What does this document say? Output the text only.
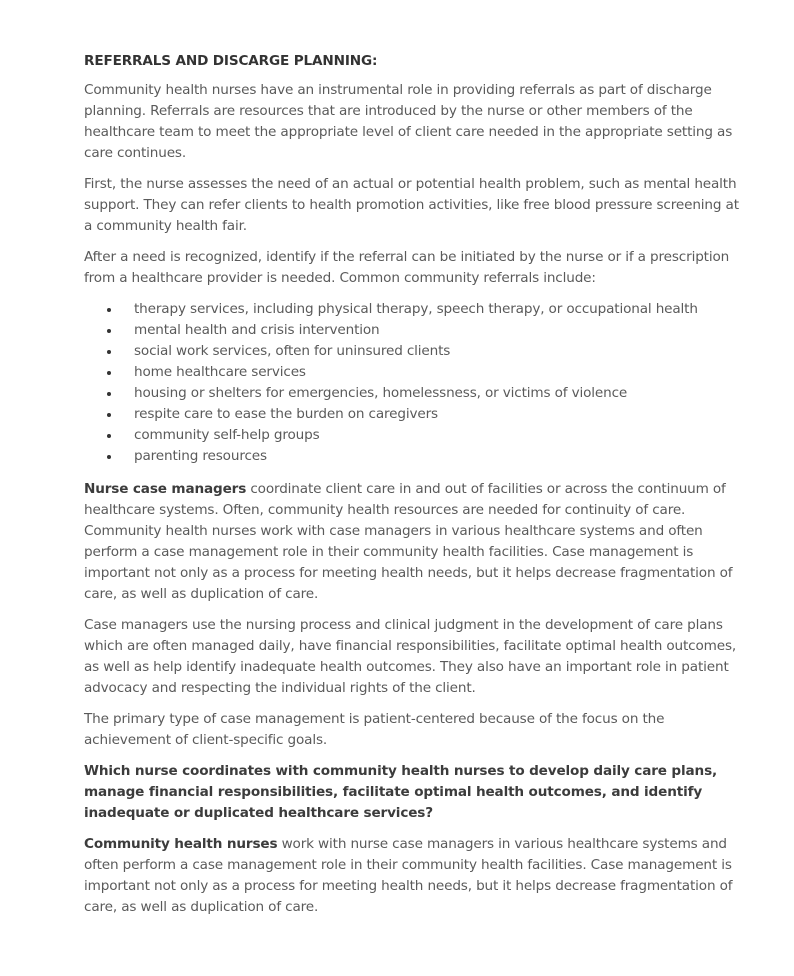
REFERRALS AND DISCARGE PLANNING:

Community health nurses have an instrumental role in providing referrals as part of discharge planning. Referrals are resources that are introduced by the nurse or other members of the healthcare team to meet the appropriate level of client care needed in the appropriate setting as care continues.

First, the nurse assesses the need of an actual or potential health problem, such as mental health support. They can refer clients to health promotion activities, like free blood pressure screening at a community health fair.

After a need is recognized, identify if the referral can be initiated by the nurse or if a prescription from a healthcare provider is needed. Common community referrals include:

therapy services, including physical therapy, speech therapy, or occupational health
mental health and crisis intervention
social work services, often for uninsured clients
home healthcare services
housing or shelters for emergencies, homelessness, or victims of violence
respite care to ease the burden on caregivers
community self-help groups
parenting resources

Nurse case managers coordinate client care in and out of facilities or across the continuum of healthcare systems. Often, community health resources are needed for continuity of care. Community health nurses work with case managers in various healthcare systems and often perform a case management role in their community health facilities. Case management is important not only as a process for meeting health needs, but it helps decrease fragmentation of care, as well as duplication of care.

Case managers use the nursing process and clinical judgment in the development of care plans which are often managed daily, have financial responsibilities, facilitate optimal health outcomes, as well as help identify inadequate health outcomes. They also have an important role in patient advocacy and respecting the individual rights of the client.

The primary type of case management is patient-centered because of the focus on the achievement of client-specific goals.

Which nurse coordinates with community health nurses to develop daily care plans, manage financial responsibilities, facilitate optimal health outcomes, and identify inadequate or duplicated healthcare services?

Community health nurses work with nurse case managers in various healthcare systems and often perform a case management role in their community health facilities. Case management is important not only as a process for meeting health needs, but it helps decrease fragmentation of care, as well as duplication of care.
